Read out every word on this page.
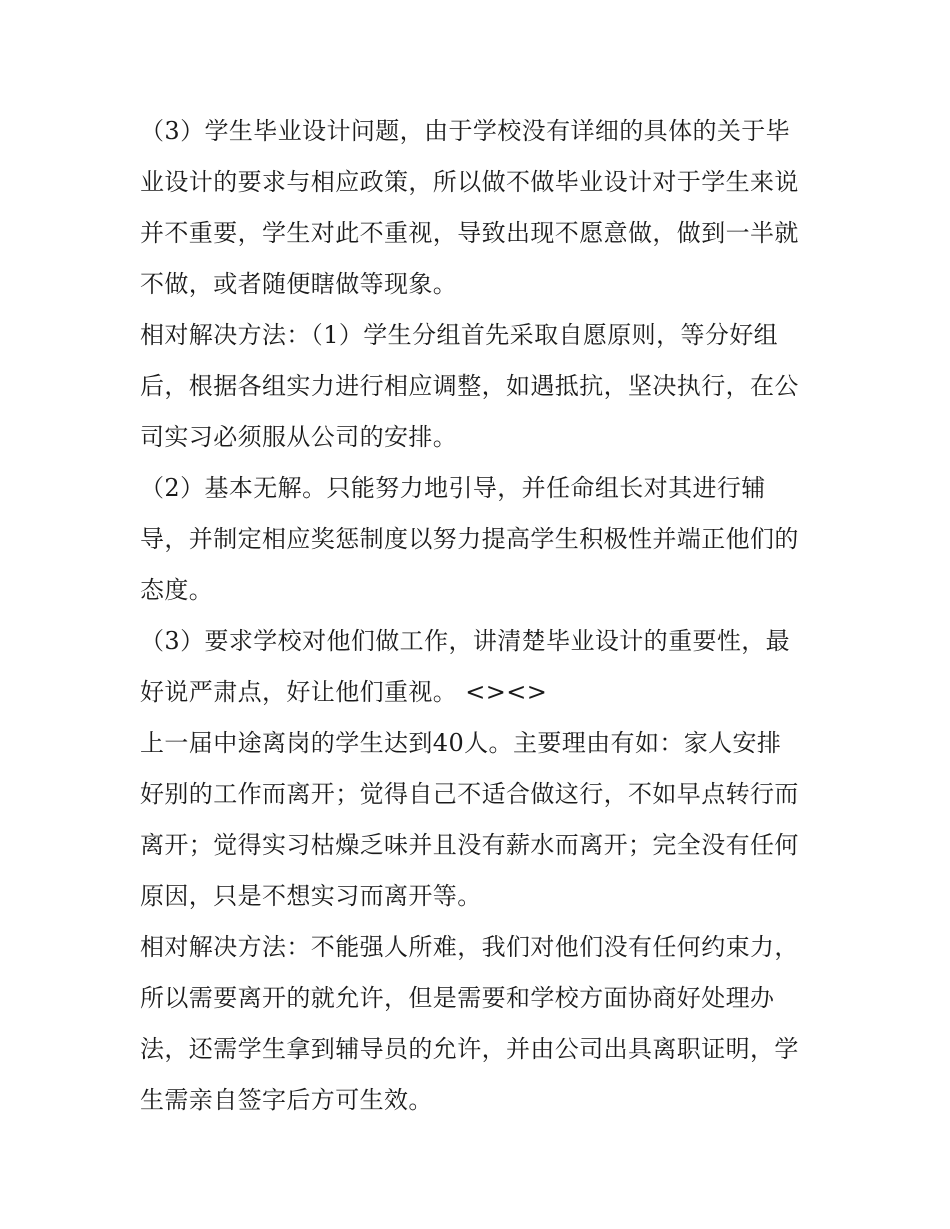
（3）学生毕业设计问题，由于学校没有详细的具体的关于毕
业设计的要求与相应政策，所以做不做毕业设计对于学生来说
并不重要，学生对此不重视，导致出现不愿意做，做到一半就
不做，或者随便瞎做等现象。
相对解决方法：（1）学生分组首先采取自愿原则，等分好组
后，根据各组实力进行相应调整，如遇抵抗，坚决执行，在公
司实习必须服从公司的安排。
（2）基本无解。只能努力地引导，并任命组长对其进行辅
导，并制定相应奖惩制度以努力提高学生积极性并端正他们的
态度。
（3）要求学校对他们做工作，讲清楚毕业设计的重要性，最
好说严肃点，好让他们重视。 <><>
上一届中途离岗的学生达到40人。主要理由有如：家人安排
好别的工作而离开；觉得自己不适合做这行，不如早点转行而
离开；觉得实习枯燥乏味并且没有薪水而离开；完全没有任何
原因，只是不想实习而离开等。
相对解决方法：不能强人所难，我们对他们没有任何约束力，
所以需要离开的就允许，但是需要和学校方面协商好处理办
法，还需学生拿到辅导员的允许，并由公司出具离职证明，学
生需亲自签字后方可生效。
